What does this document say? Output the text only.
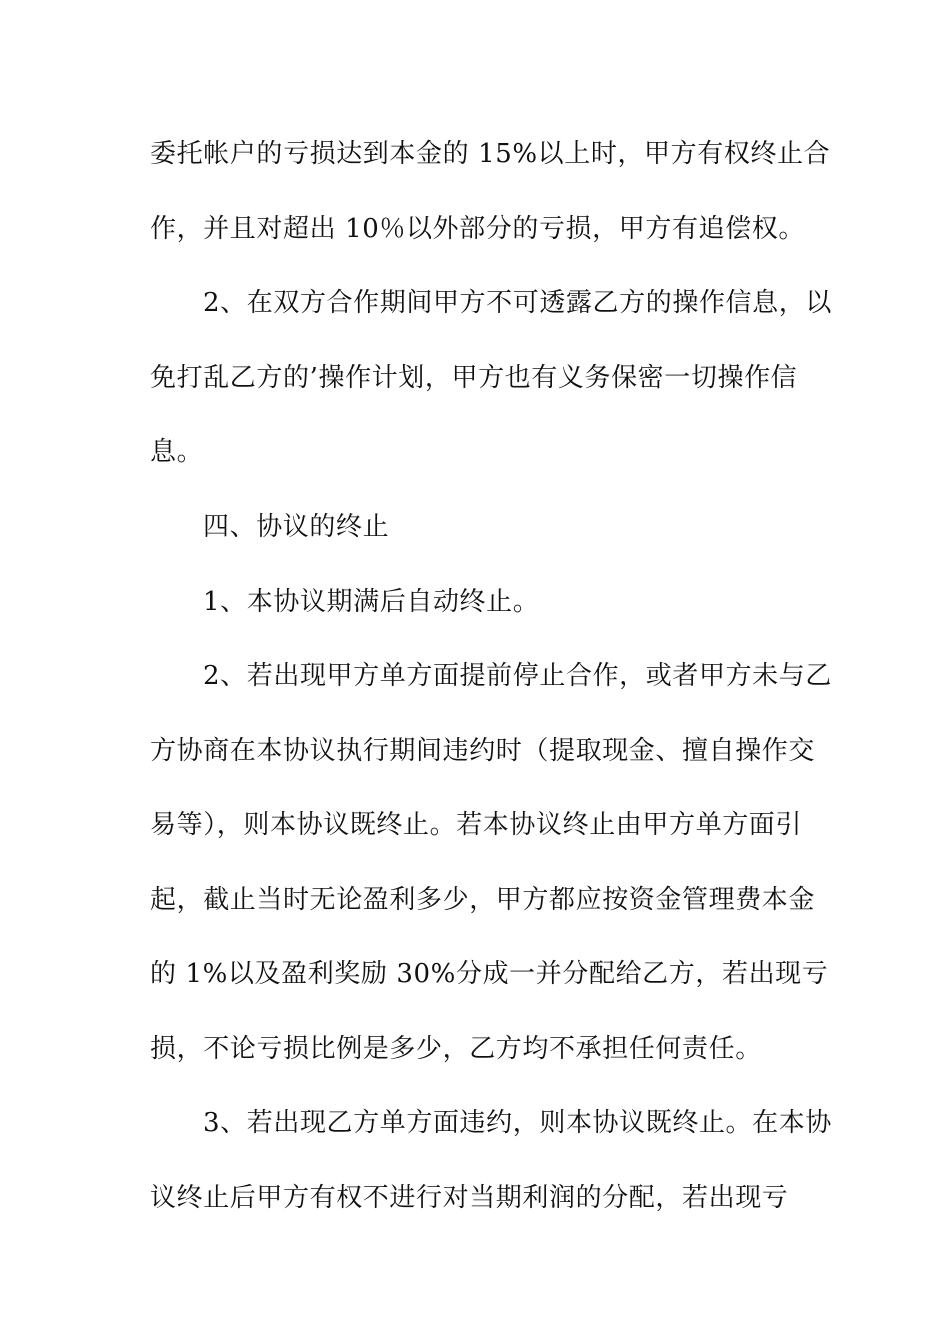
委托帐户的亏损达到本金的 15%以上时，甲方有权终止合
作，并且对超出 10％以外部分的亏损，甲方有追偿权。
2、在双方合作期间甲方不可透露乙方的操作信息，以
免打乱乙方的’操作计划，甲方也有义务保密一切操作信
息。
四、协议的终止
1、本协议期满后自动终止。
2、若出现甲方单方面提前停止合作，或者甲方未与乙
方协商在本协议执行期间违约时（提取现金、擅自操作交
易等），则本协议既终止。若本协议终止由甲方单方面引
起，截止当时无论盈利多少，甲方都应按资金管理费本金
的 1%以及盈利奖励 30%分成一并分配给乙方，若出现亏
损，不论亏损比例是多少，乙方均不承担任何责任。
3、若出现乙方单方面违约，则本协议既终止。在本协
议终止后甲方有权不进行对当期利润的分配，若出现亏
